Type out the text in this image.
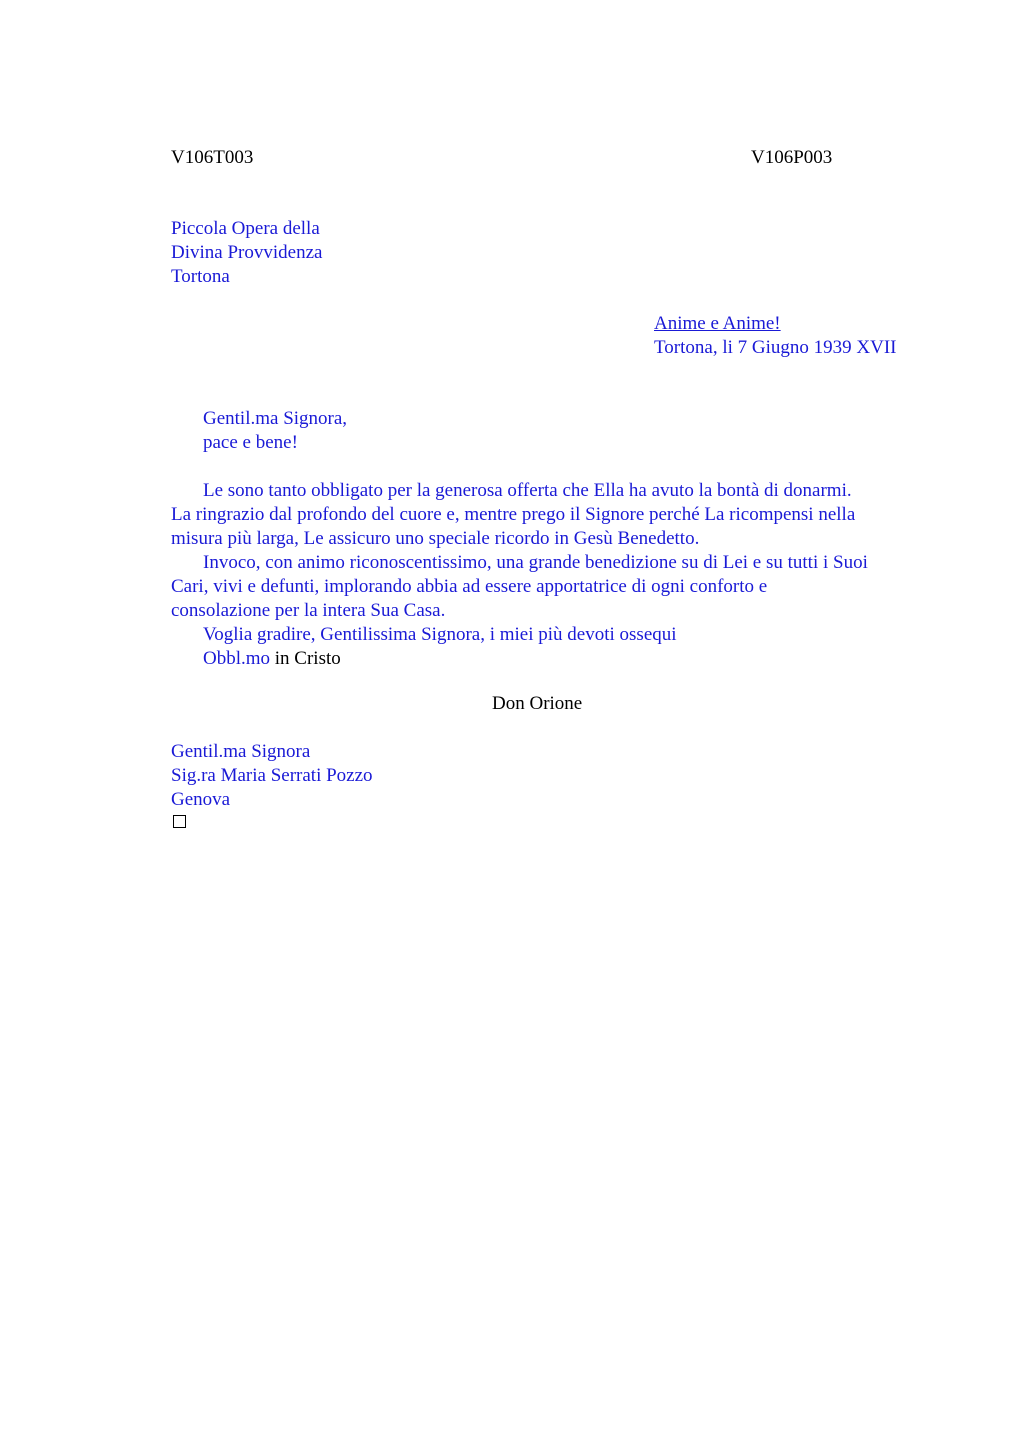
V106T003	V106P003
Piccola Opera della
Divina Provvidenza
Tortona
Anime e Anime!
Tortona, li 7 Giugno 1939 XVII
Gentil.ma Signora,
pace e bene!
Le sono tanto obbligato per la generosa offerta che Ella ha avuto la bontà di donarmi.
La ringrazio dal profondo del cuore e, mentre prego il Signore perché La ricompensi nella
misura più larga, Le assicuro uno speciale ricordo in Gesù Benedetto.
Invoco, con animo riconoscentissimo, una grande benedizione su di Lei e su tutti i Suoi
Cari, vivi e defunti, implorando abbia ad essere apportatrice di ogni conforto e
consolazione per la intera Sua Casa.
Voglia gradire, Gentilissima Signora, i miei più devoti ossequi
Obbl.mo in Cristo
Don Orione
Gentil.ma Signora
Sig.ra Maria Serrati Pozzo
Genova
